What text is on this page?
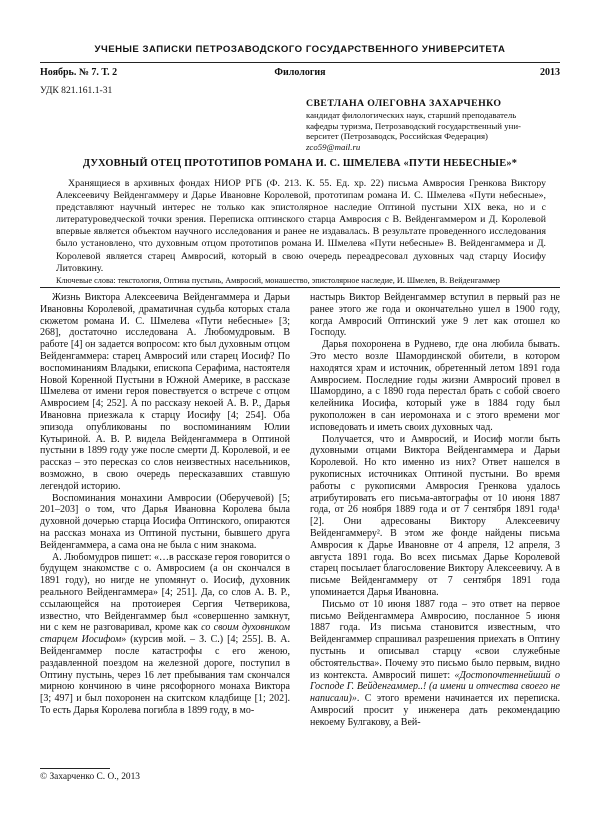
УЧЕНЫЕ ЗАПИСКИ ПЕТРОЗАВОДСКОГО ГОСУДАРСТВЕННОГО УНИВЕРСИТЕТА
Ноябрь. № 7. Т. 2	Филология	2013
УДК 821.161.1-31
СВЕТЛАНА ОЛЕГОВНА ЗАХАРЧЕНКО
кандидат филологических наук, старший преподаватель
кафедры туризма, Петрозаводский государственный уни-
верситет (Петрозаводск, Российская Федерация)
zco59@mail.ru
ДУХОВНЫЙ ОТЕЦ ПРОТОТИПОВ РОМАНА И. С. ШМЕЛЕВА «ПУТИ НЕБЕСНЫЕ»*

Хранящиеся в архивных фондах НИОР РГБ (Ф. 213. К. 55. Ед. хр. 22) письма Амвросия Гренкова Виктору Алексеевичу Вейденгаммеру и Дарье Ивановне Королевой, прототипам романа И. С. Шмелева «Пути небесные», представляют научный интерес не только как эпистолярное наследие Оптиной пустыни XIX века, но и с литературоведческой точки зрения. Переписка оптинского старца Амвросия с В. Вейденгаммером и Д. Королевой впервые является объектом научного исследования и ранее не издавалась. В результате проведенного исследования было установлено, что духовным отцом прототипов романа И. Шмелева «Пути небесные» В. Вейденгаммера и Д. Королевой является старец Амвросий, который в свою очередь переадресовал духовных чад старцу Иосифу Литовкину.

Ключевые слова: текстология, Оптина пустынь, Амвросий, монашество, эпистолярное наследие, И. Шмелев, В. Вейденгаммер

Жизнь Виктора Алексеевича Вейденгаммера и Дарьи Ивановны Королевой, драматичная судьба которых стала сюжетом романа И. С. Шмелева «Пути небесные» [3; 268], достаточно исследована А. Любомудровым. В работе [4] он задается вопросом: кто был духовным отцом Вейденгаммера: старец Амвросий или старец Иосиф? По воспоминаниям Владыки, епископа Серафима, настоятеля Новой Коренной Пустыни в Южной Америке, в рассказе Шмелева от имени героя повествуется о встрече с отцом Амвросием [4; 252]. А по рассказу некоей А. В. Р., Дарья Ивановна приезжала к старцу Иосифу [4; 254]. Оба эпизода опубликованы по воспоминаниям Юлии Кутыриной. А. В. Р. видела Вейденгаммера в Оптиной пустыни в 1899 году уже после смерти Д. Королевой, и ее рассказ – это пересказ со слов неизвестных насельников, возможно, в свою очередь пересказавших ставшую легендой историю.

Воспоминания монахини Амвросии (Оберучевой) [5; 201–203] о том, что Дарья Ивановна Королева была духовной дочерью старца Иосифа Оптинского, опираются на рассказ монаха из Оптиной пустыни, бывшего друга Вейденгаммера, а сама она не была с ним знакома.

А. Любомудров пишет: «…в рассказе героя говорится о будущем знакомстве с о. Амвросием (а он скончался в 1891 году), но нигде не упомянут о. Иосиф, духовник реального Вейденгаммера» [4; 251]. Да, со слов А. В. Р., ссылающейся на протоиерея Сергия Четверикова, известно, что Вейденгаммер был «совершенно замкнут, ни с кем не разговаривал, кроме как со своим духовником старцем Иосифом» (курсив мой. – З. С.) [4; 255]. В. А. Вейденгаммер после катастрофы с его женою, раздавленной поездом на железной дороге, поступил в Оптину пустынь, через 16 лет пребывания там скончался мирною кончиною в чине рясофорного монаха Виктора [3; 497] и был похоронен на скитском кладбище [1; 202]. То есть Дарья Королева погибла в 1899 году, в мо-

настырь Виктор Вейденгаммер вступил в первый раз не ранее этого же года и окончательно ушел в 1900 году, когда Амвросий Оптинский уже 9 лет как отошел ко Господу.

Дарья похоронена в Руднево, где она любила бывать. Это место возле Шамординской обители, в котором находятся храм и источник, обретенный летом 1891 года Амвросием. Последние годы жизни Амвросий провел в Шамордино, а с 1890 года перестал брать с собой своего келейника Иосифа, который уже в 1884 году был рукоположен в сан иеромонаха и с этого времени мог исповедовать и иметь своих духовных чад.

Получается, что и Амвросий, и Иосиф могли быть духовными отцами Виктора Вейденгаммера и Дарьи Королевой. Но кто именно из них? Ответ нашелся в рукописных источниках Оптиной пустыни. Во время работы с рукописями Амвросия Гренкова удалось атрибутировать его письма-автографы от 10 июня 1887 года, от 26 ноября 1889 года и от 7 сентября 1891 года¹ [2]. Они адресованы Виктору Алексеевичу Вейденгаммеру². В этом же фонде найдены письма Амвросия к Дарье Ивановне от 4 апреля, 12 апреля, 3 августа 1891 года. Во всех письмах Дарье Королевой старец посылает благословение Виктору Алексеевичу. А в письме Вейденгаммеру от 7 сентября 1891 года упоминается Дарья Ивановна.

Письмо от 10 июня 1887 года – это ответ на первое письмо Вейденгаммера Амвросию, посланное 5 июня 1887 года. Из письма становится известным, что Вейденгаммер спрашивал разрешения приехать в Оптину пустынь и описывал старцу «свои служебные обстоятельства». Почему это письмо было первым, видно из контекста. Амвросий пишет: «Достопочтеннейший о Господе Г. Вейденгаммер..! (а имени и отчества своего не написали)». С этого времени начинается их переписка. Амвросий просит у инженера дать рекомендацию некоему Булгакову, а Вей-

© Захарченко С. О., 2013
